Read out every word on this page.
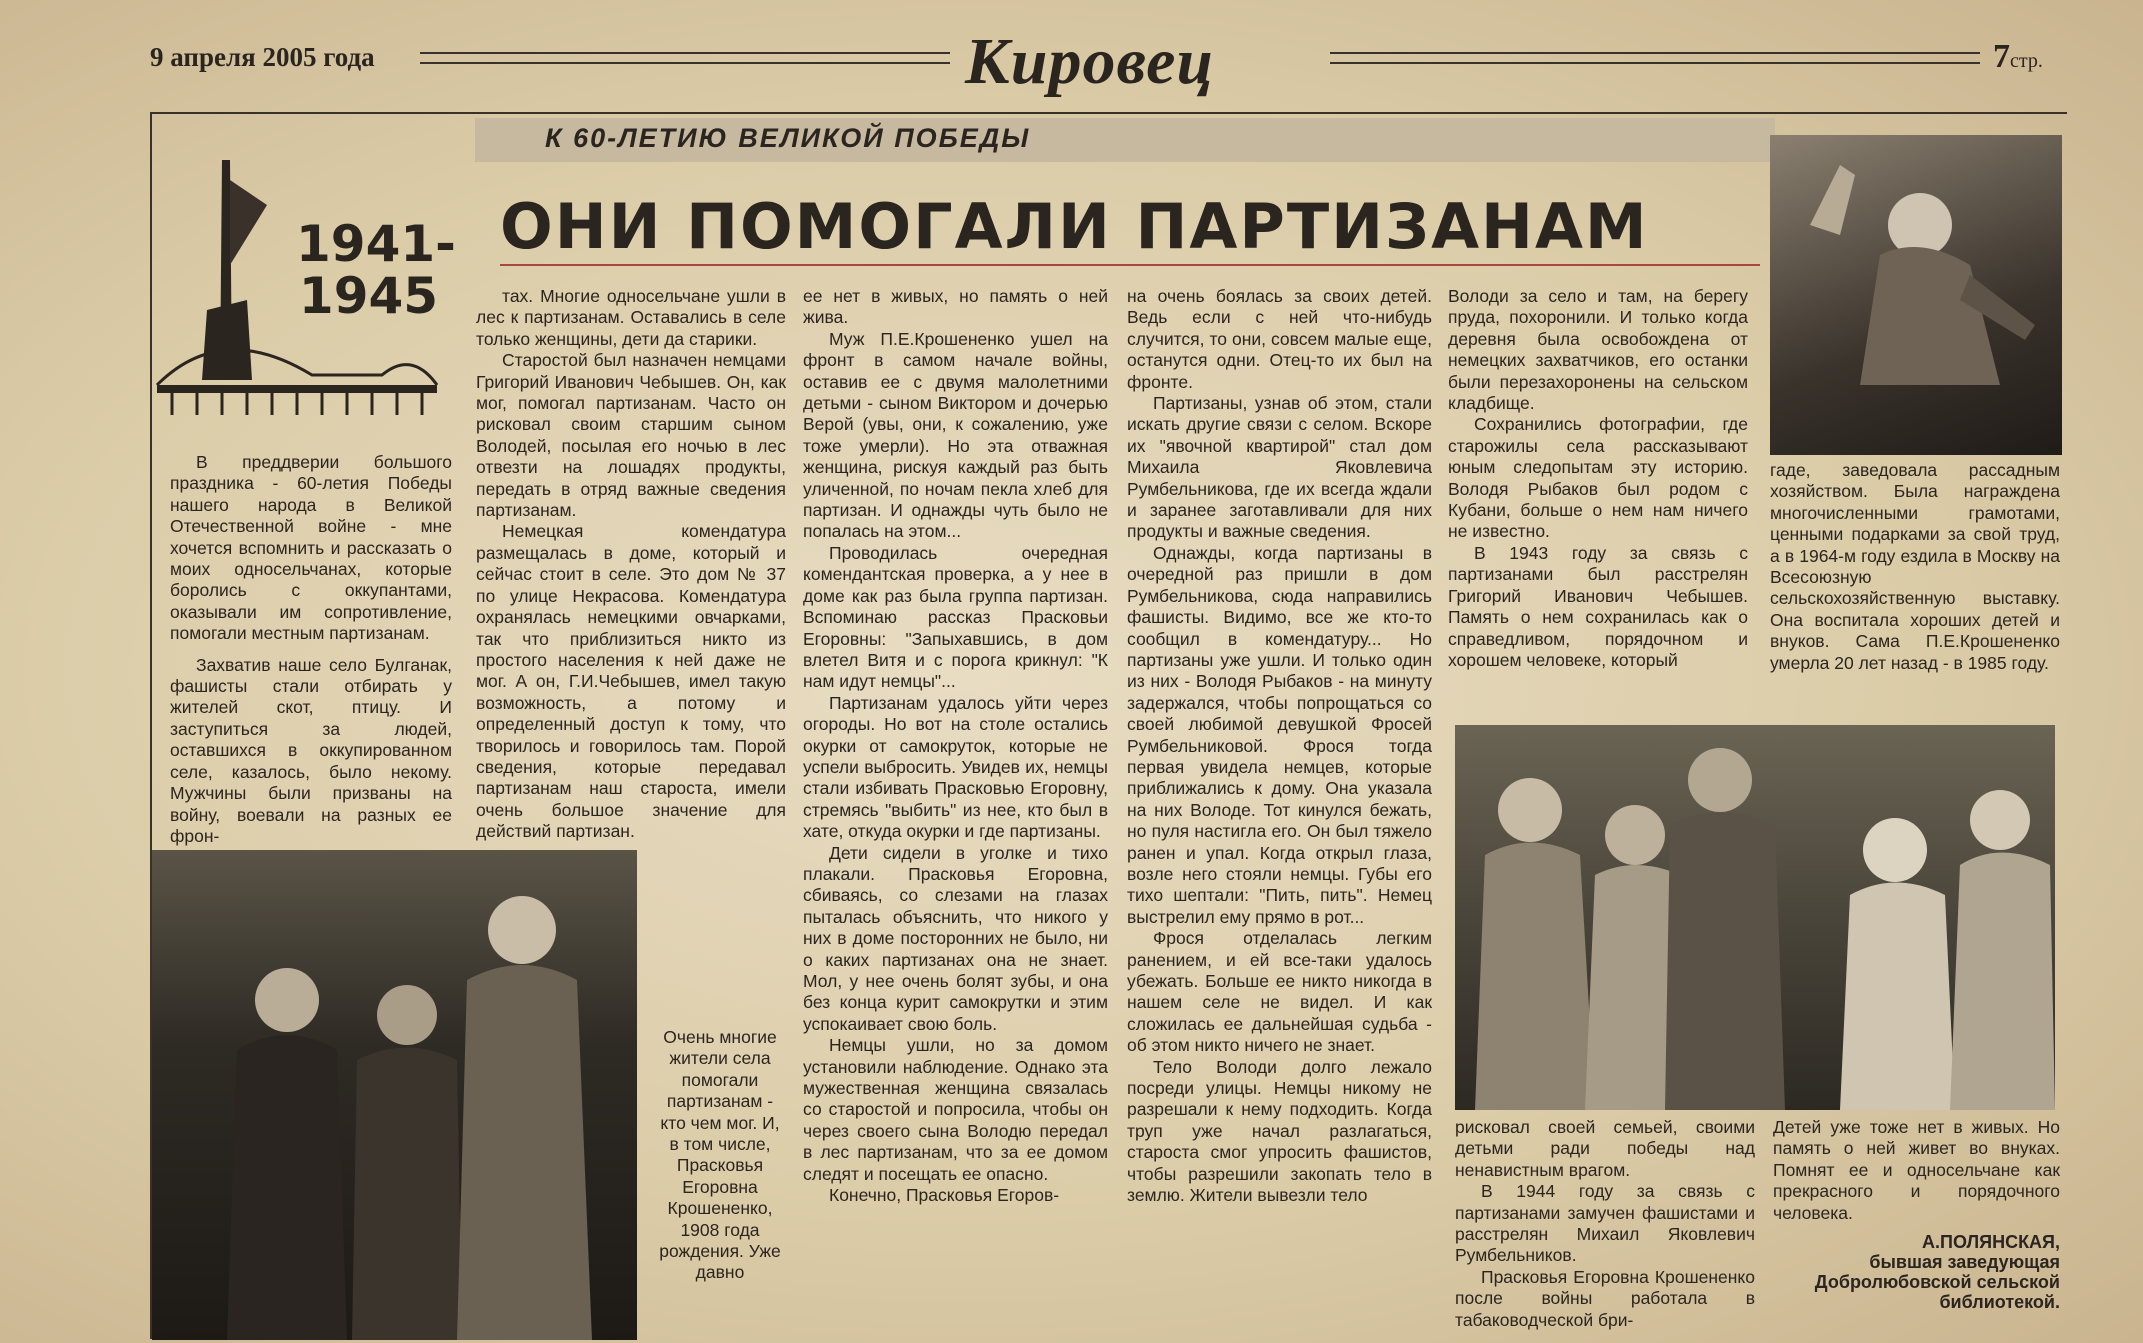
9 апреля 2005 года	Кировец	7стр.
К 60-ЛЕТИЮ ВЕЛИКОЙ ПОБЕДЫ
ОНИ ПОМОГАЛИ ПАРТИЗАНАМ
1941-
1945

В преддверии большого праздника - 60-летия Победы нашего народа в Великой Отечественной войне - мне хочется вспомнить и рассказать о моих односельчанах, которые боролись с оккупантами, оказывали им сопротивление, помогали местным партизанам.

Захватив наше село Булганак, фашисты стали отбирать у жителей скот, птицу. И заступиться за людей, оставшихся в оккупированном селе, казалось, было некому. Мужчины были призваны на войну, воевали на разных ее фрон-

тах. Многие односельчане ушли в лес к партизанам. Оставались в селе только женщины, дети да старики.

Старостой был назначен немцами Григорий Иванович Чебышев. Он, как мог, помогал партизанам. Часто он рисковал своим старшим сыном Володей, посылая его ночью в лес отвезти на лошадях продукты, передать в отряд важные сведения партизанам.

Немецкая комендатура размещалась в доме, который и сейчас стоит в селе. Это дом № 37 по улице Некрасова. Комендатура охранялась немецкими овчарками, так что приблизиться никто из простого населения к ней даже не мог. А он, Г.И.Чебышев, имел такую возможность, а потому и определенный доступ к тому, что творилось и говорилось там. Порой сведения, которые передавал партизанам наш староста, имели очень большое значение для действий партизан.

Очень многие жители села помогали партизанам - кто чем мог. И, в том числе, Прасковья Егоровна Крошененко, 1908 года рождения. Уже давно

ее нет в живых, но память о ней жива.

Муж П.Е.Крошененко ушел на фронт в самом начале войны, оставив ее с двумя малолетними детьми - сыном Виктором и дочерью Верой (увы, они, к сожалению, уже тоже умерли). Но эта отважная женщина, рискуя каждый раз быть уличенной, по ночам пекла хлеб для партизан. И однажды чуть было не попалась на этом...

Проводилась очередная комендантская проверка, а у нее в доме как раз была группа партизан. Вспоминаю рассказ Прасковьи Егоровны: "Запыхавшись, в дом влетел Витя и с порога крикнул: "К нам идут немцы"...

Партизанам удалось уйти через огороды. Но вот на столе остались окурки от самокруток, которые не успели выбросить. Увидев их, немцы стали избивать Прасковью Егоровну, стремясь "выбить" из нее, кто был в хате, откуда окурки и где партизаны.

Дети сидели в уголке и тихо плакали. Прасковья Егоровна, сбиваясь, со слезами на глазах пыталась объяснить, что никого у них в доме посторонних не было, ни о каких партизанах она не знает. Мол, у нее очень болят зубы, и она без конца курит самокрутки и этим успокаивает свою боль.

Немцы ушли, но за домом установили наблюдение. Однако эта мужественная женщина связалась со старостой и попросила, чтобы он через своего сына Володю передал в лес партизанам, что за ее домом следят и посещать ее опасно.

Конечно, Прасковья Егоров-

на очень боялась за своих детей. Ведь если с ней что-нибудь случится, то они, совсем малые еще, останутся одни. Отец-то их был на фронте.

Партизаны, узнав об этом, стали искать другие связи с селом. Вскоре их "явочной квартирой" стал дом Михаила Яковлевича Румбельникова, где их всегда ждали и заранее заготавливали для них продукты и важные сведения.

Однажды, когда партизаны в очередной раз пришли в дом Румбельникова, сюда направились фашисты. Видимо, все же кто-то сообщил в комендатуру... Но партизаны уже ушли. И только один из них - Володя Рыбаков - на минуту задержался, чтобы попрощаться со своей любимой девушкой Фросей Румбельниковой. Фрося тогда первая увидела немцев, которые приближались к дому. Она указала на них Володе. Тот кинулся бежать, но пуля настигла его. Он был тяжело ранен и упал. Когда открыл глаза, возле него стояли немцы. Губы его тихо шептали: "Пить, пить". Немец выстрелил ему прямо в рот...

Фрося отделалась легким ранением, и ей все-таки удалось убежать. Больше ее никто никогда в нашем селе не видел. И как сложилась ее дальнейшая судьба - об этом никто ничего не знает.

Тело Володи долго лежало посреди улицы. Немцы никому не разрешали к нему подходить. Когда труп уже начал разлагаться, староста смог упросить фашистов, чтобы разрешили закопать тело в землю. Жители вывезли тело

Володи за село и там, на берегу пруда, похоронили. И только когда деревня была освобождена от немецких захватчиков, его останки были перезахоронены на сельском кладбище.

Сохранились фотографии, где старожилы села рассказывают юным следопытам эту историю. Володя Рыбаков был родом с Кубани, больше о нем нам ничего не известно.

В 1943 году за связь с партизанами был расстрелян Григорий Иванович Чебышев. Память о нем сохранилась как о справедливом, порядочном и хорошем человеке, который

рисковал своей семьей, своими детьми ради победы над ненавистным врагом.

В 1944 году за связь с партизанами замучен фашистами и расстрелян Михаил Яковлевич Румбельников.

Прасковья Егоровна Крошененко после войны работала в табаководческой бри-

гаде, заведовала рассадным хозяйством. Была награждена многочисленными грамотами, ценными подарками за свой труд, а в 1964-м году ездила в Москву на Всесоюзную сельскохозяйственную выставку. Она воспитала хороших детей и внуков. Сама П.Е.Крошененко умерла 20 лет назад - в 1985 году.

Детей уже тоже нет в живых. Но память о ней живет во внуках. Помнят ее и односельчане как прекрасного и порядочного человека.

А.ПОЛЯНСКАЯ,
бывшая заведующая Добролюбовской сельской библиотекой.
